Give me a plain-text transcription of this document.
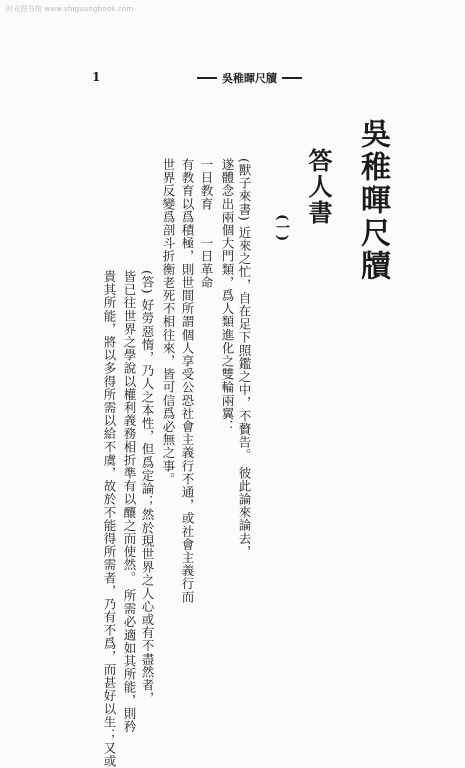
时光图书馆 www.shiguangbook.com
1	吳稚暉尺牘
吳稚暉尺牘
答人書
(一)
(獸子來書) 近來之忙，自在足下照鑑之中，不贅告。 彼此論來論去，
遂體念出兩個大門類，爲人類進化之雙輪兩翼：
一日教育　　一日革命
有教育以爲積極，則世間所謂個人享受公恐社會主義行不通，或社會主義行而
世界反變爲剖斗折衡老死不相往來，皆可信爲必無之事。
(答) 好勞惡惰，乃人之本性，但爲定論；然於現世界之人心或有不盡然者，
皆已往世界之學說以權利義務相折準有以釀之而使然。 所需必適如其所能，則矜
貴其所能，將以多得所需以給不虞，故於不能得所需者，乃有不爲，而甚好以生；又或
